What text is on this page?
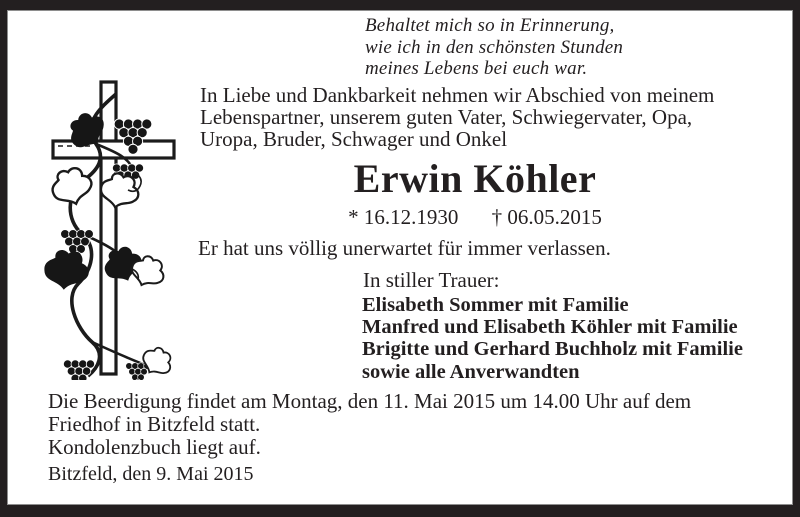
Behaltet mich so in Erinnerung,
wie ich in den schönsten Stunden
meines Lebens bei euch war.
In Liebe und Dankbarkeit nehmen wir Abschied von meinem
Lebenspartner, unserem guten Vater, Schwiegervater, Opa,
Uropa, Bruder, Schwager und Onkel
Erwin Köhler
* 16.12.1930 † 06.05.2015
Er hat uns völlig unerwartet für immer verlassen.
In stiller Trauer:
Elisabeth Sommer mit Familie
Manfred und Elisabeth Köhler mit Familie
Brigitte und Gerhard Buchholz mit Familie
sowie alle Anverwandten
Die Beerdigung findet am Montag, den 11. Mai 2015 um 14.00 Uhr auf dem
Friedhof in Bitzfeld statt.
Kondolenzbuch liegt auf.
Bitzfeld, den 9. Mai 2015
